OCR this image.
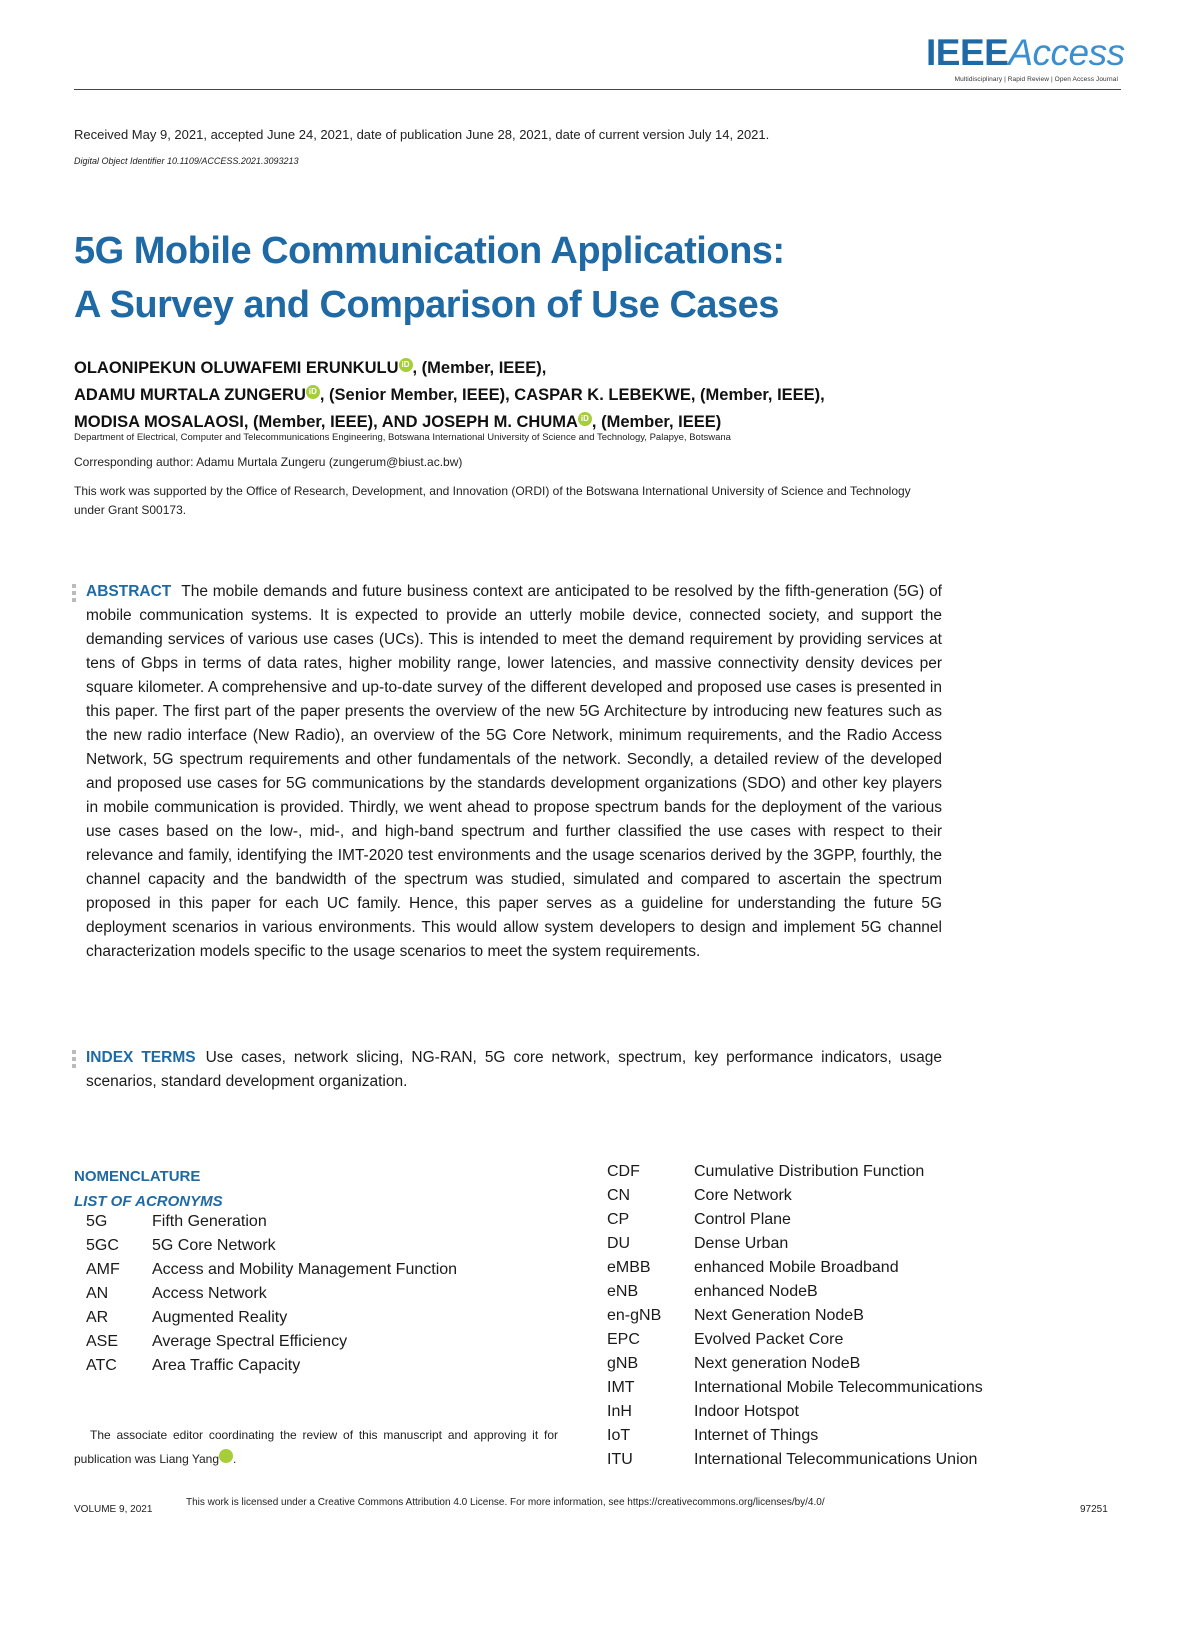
IEEEAccess
Multidisciplinary | Rapid Review | Open Access Journal
Received May 9, 2021, accepted June 24, 2021, date of publication June 28, 2021, date of current version July 14, 2021.
Digital Object Identifier 10.1109/ACCESS.2021.3093213
5G Mobile Communication Applications:
A Survey and Comparison of Use Cases
OLAONIPEKUN OLUWAFEMI ERUNKULU iD , (Member, IEEE),
ADAMU MURTALA ZUNGERU iD , (Senior Member, IEEE), CASPAR K. LEBEKWE, (Member, IEEE),
MODISA MOSALAOSI, (Member, IEEE), AND JOSEPH M. CHUMA iD , (Member, IEEE)
Department of Electrical, Computer and Telecommunications Engineering, Botswana International University of Science and Technology, Palapye, Botswana
Corresponding author: Adamu Murtala Zungeru (zungerum@biust.ac.bw)
This work was supported by the Office of Research, Development, and Innovation (ORDI) of the Botswana International University of Science and Technology under Grant S00173.
ABSTRACT The mobile demands and future business context are anticipated to be resolved by the fifth-generation (5G) of mobile communication systems. It is expected to provide an utterly mobile device, connected society, and support the demanding services of various use cases (UCs). This is intended to meet the demand requirement by providing services at tens of Gbps in terms of data rates, higher mobility range, lower latencies, and massive connectivity density devices per square kilometer. A comprehensive and up-to-date survey of the different developed and proposed use cases is presented in this paper. The first part of the paper presents the overview of the new 5G Architecture by introducing new features such as the new radio interface (New Radio), an overview of the 5G Core Network, minimum requirements, and the Radio Access Network, 5G spectrum requirements and other fundamentals of the network. Secondly, a detailed review of the developed and proposed use cases for 5G communications by the standards development organizations (SDO) and other key players in mobile communication is provided. Thirdly, we went ahead to propose spectrum bands for the deployment of the various use cases based on the low-, mid-, and high-band spectrum and further classified the use cases with respect to their relevance and family, identifying the IMT-2020 test environments and the usage scenarios derived by the 3GPP, fourthly, the channel capacity and the bandwidth of the spectrum was studied, simulated and compared to ascertain the spectrum proposed in this paper for each UC family. Hence, this paper serves as a guideline for understanding the future 5G deployment scenarios in various environments. This would allow system developers to design and implement 5G channel characterization models specific to the usage scenarios to meet the system requirements.
INDEX TERMS Use cases, network slicing, NG-RAN, 5G core network, spectrum, key performance indicators, usage scenarios, standard development organization.
NOMENCLATURE
LIST OF ACRONYMS
5G	Fifth Generation
5GC	5G Core Network
AMF	Access and Mobility Management Function
AN	Access Network
AR	Augmented Reality
ASE	Average Spectral Efficiency
ATC	Area Traffic Capacity
CDF	Cumulative Distribution Function
CN	Core Network
CP	Control Plane
DU	Dense Urban
eMBB	enhanced Mobile Broadband
eNB	enhanced NodeB
en-gNB	Next Generation NodeB
EPC	Evolved Packet Core
gNB	Next generation NodeB
IMT	International Mobile Telecommunications
InH	Indoor Hotspot
IoT	Internet of Things
ITU	International Telecommunications Union
The associate editor coordinating the review of this manuscript and approving it for publication was Liang Yang iD.
VOLUME 9, 2021
This work is licensed under a Creative Commons Attribution 4.0 License. For more information, see https://creativecommons.org/licenses/by/4.0/
97251
